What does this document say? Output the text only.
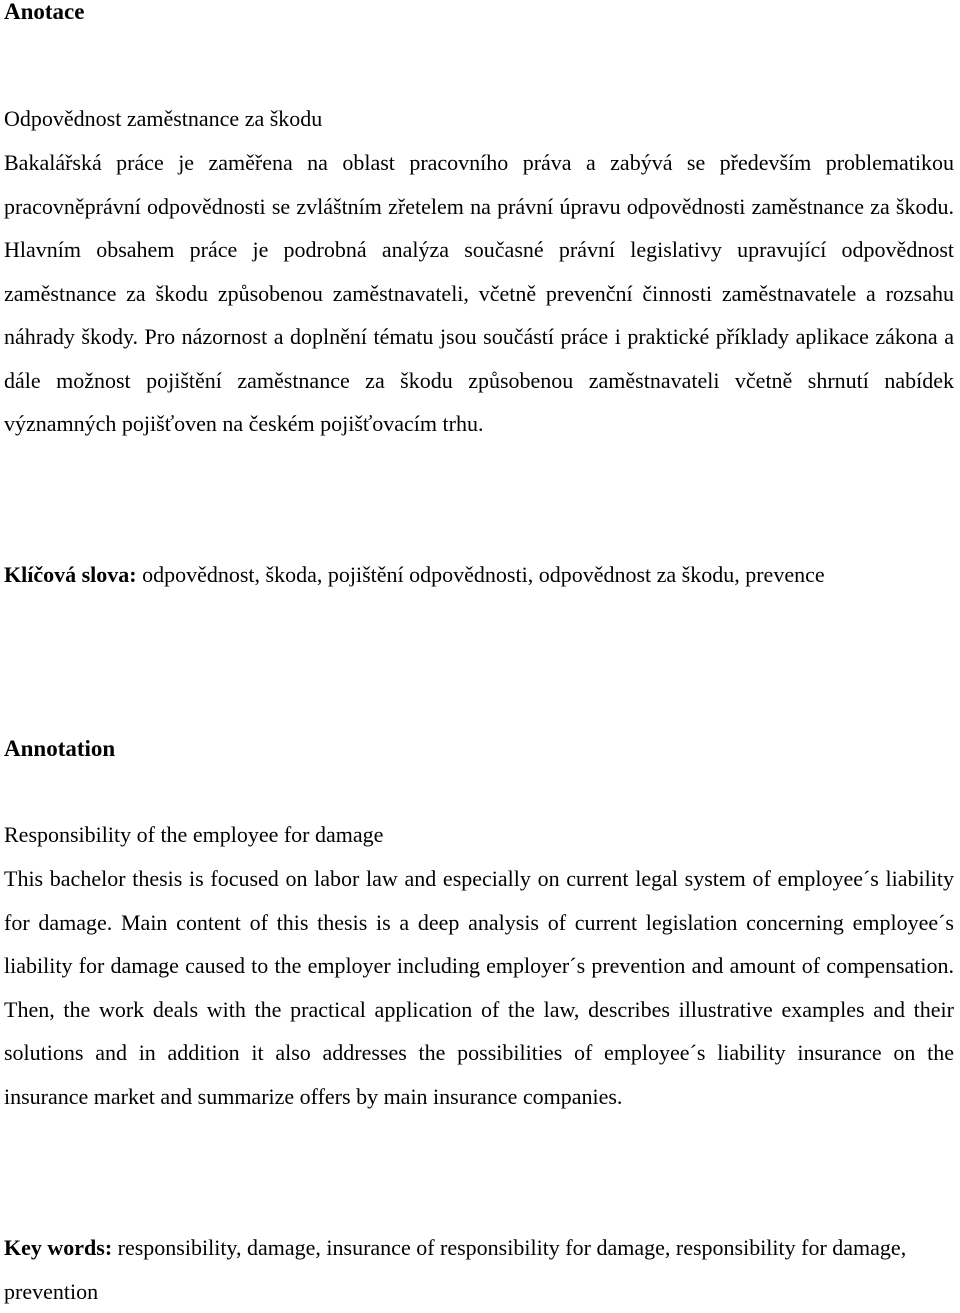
Anotace

Odpovědnost zaměstnance za škodu

Bakalářská práce je zaměřena na oblast pracovního práva a zabývá se především problematikou pracovněprávní odpovědnosti se zvláštním zřetelem na právní úpravu odpovědnosti zaměstnance za škodu. Hlavním obsahem práce je podrobná analýza současné právní legislativy upravující odpovědnost zaměstnance za škodu způsobenou zaměstnavateli, včetně prevenční činnosti zaměstnavatele a rozsahu náhrady škody. Pro názornost a doplnění tématu jsou součástí práce i praktické příklady aplikace zákona a dále možnost pojištění zaměstnance za škodu způsobenou zaměstnavateli včetně shrnutí nabídek významných pojišťoven na českém pojišťovacím trhu.

Klíčová slova: odpovědnost, škoda, pojištění odpovědnosti, odpovědnost za škodu, prevence

Annotation

Responsibility of the employee for damage

This bachelor thesis is focused on labor law and especially on current legal system of employee´s liability for damage. Main content of this thesis is a deep analysis of current legislation concerning employee´s liability for damage caused to the employer including employer´s prevention and amount of compensation. Then, the work deals with the practical application of the law, describes illustrative examples and their solutions and in addition it also addresses the possibilities of employee´s liability insurance on the insurance market and summarize offers by main insurance companies.

Key words: responsibility, damage, insurance of responsibility for damage, responsibility for damage, prevention
